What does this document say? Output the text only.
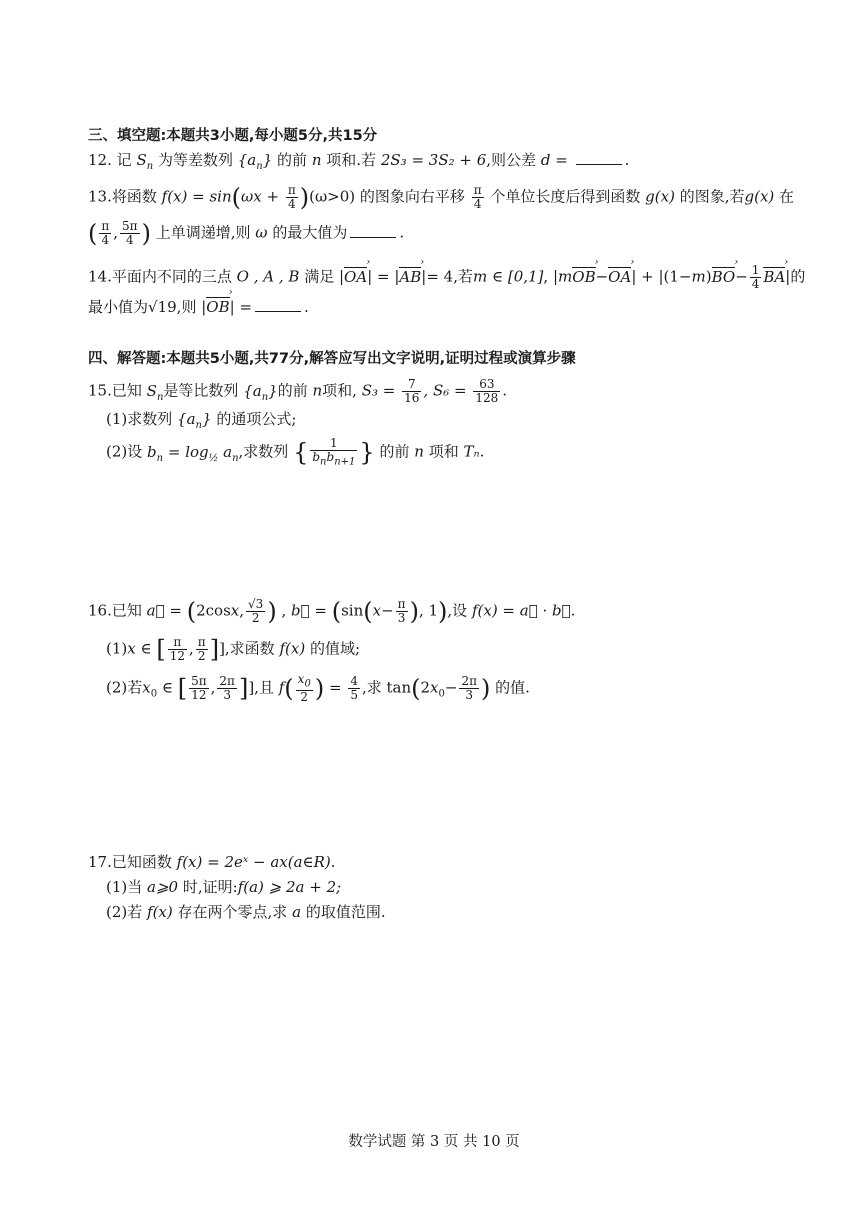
三、填空题:本题共3小题,每小题5分,共15分
12. 记 $S_n$ 为等差数列 $\{a_n\}$ 的前 n 项和.若 2S₃ = 3S₂ + 6,则公差 d =	.
13.将函数 $f(x) = \sin(\omega x + \frac{\pi}{4} )(\omega>0)$ 的图象向右平移 $\frac{\pi}{4}$ 个单位长度后得到函数 g(x) 的图象,若g(x) 在
( $\frac{\pi}{4}$ , $\frac{5\pi}{4}$ ) 上单调递增,则 ω 的最大值为	.
14.平面内不同的三点 O , A , B 满足 |OA ›| = |AB ›|= 4,若m ∈ [0,1], |mOB ›−OA ›| + |(1−m)BO ›− $\frac{1}{4}$ BA ›|的
最小值为√19,则 |OB ›| =	.
四、解答题:本题共5小题,共77分,解答应写出文字说明,证明过程或演算步骤
15.已知 $S_n$是等比数列 $\{a_n\}$的前 n项和, $S_3 = \frac{7}{16}$ , $S_6 = \frac{63}{128}$ .
(1)求数列 $\{a_n\}$ 的通项公式;
(2)设 $b_n = \log_{\frac{1}{2}} a_n$,求数列 { $\frac{1}{b_nb_{n+1}}$ } 的前 n 项和 Tₙ.
16.已知 a⃗ = (2cosx, $\frac{√3}{2}$ ) , b⃗ = ($\sin(x- \frac{\pi}{3}$ ), 1),设 f(x) = a⃗ · b⃗.
(1)x ∈ [ $\frac{\pi}{12}$ , $\frac{\pi}{2}$ ]],求函数 f(x) 的值域;
(2)若$x_0$ ∈ [ $\frac{5\pi}{12}$ , $\frac{2\pi}{3}$ ]],且 $f( \frac{x_0}{2}$ ) = $\frac{4}{5}$ ,求 $\tan(2x_0- \frac{2\pi}{3}$ ) 的值.
17.已知函数 f(x) = 2eˣ − ax(a∈R).
(1)当 a⩾0 时,证明:f(a) ⩾ 2a + 2;
(2)若 f(x) 存在两个零点,求 a 的取值范围.
数学试题 第 3 页 共 10 页
